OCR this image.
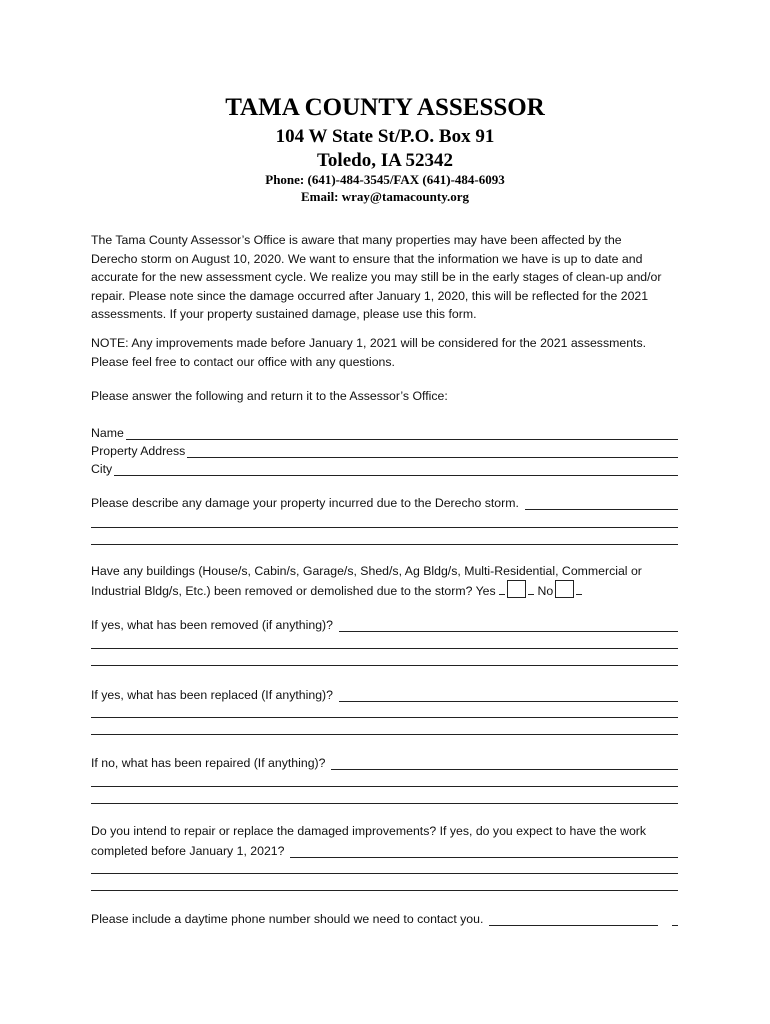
TAMA COUNTY ASSESSOR
104 W State St/P.O. Box 91
Toledo, IA 52342
Phone: (641)-484-3545/FAX (641)-484-6093
Email: wray@tamacounty.org
The Tama County Assessor’s Office is aware that many properties may have been affected by the
Derecho storm on August 10, 2020. We want to ensure that the information we have is up to date and
accurate for the new assessment cycle. We realize you may still be in the early stages of clean-up and/or
repair. Please note since the damage occurred after January 1, 2020, this will be reflected for the 2021
assessments. If your property sustained damage, please use this form.
NOTE: Any improvements made before January 1, 2021 will be considered for the 2021 assessments.
Please feel free to contact our office with any questions.
Please answer the following and return it to the Assessor’s Office:
Name
Property Address
City
Please describe any damage your property incurred due to the Derecho storm.
Have any buildings (House/s, Cabin/s, Garage/s, Shed/s, Ag Bldg/s, Multi-Residential, Commercial or
Industrial Bldg/s, Etc.) been removed or demolished due to the storm? Yes	No
If yes, what has been removed (if anything)?
If yes, what has been replaced (If anything)?
If no, what has been repaired (If anything)?
Do you intend to repair or replace the damaged improvements? If yes, do you expect to have the work
completed before January 1, 2021?
Please include a daytime phone number should we need to contact you.
